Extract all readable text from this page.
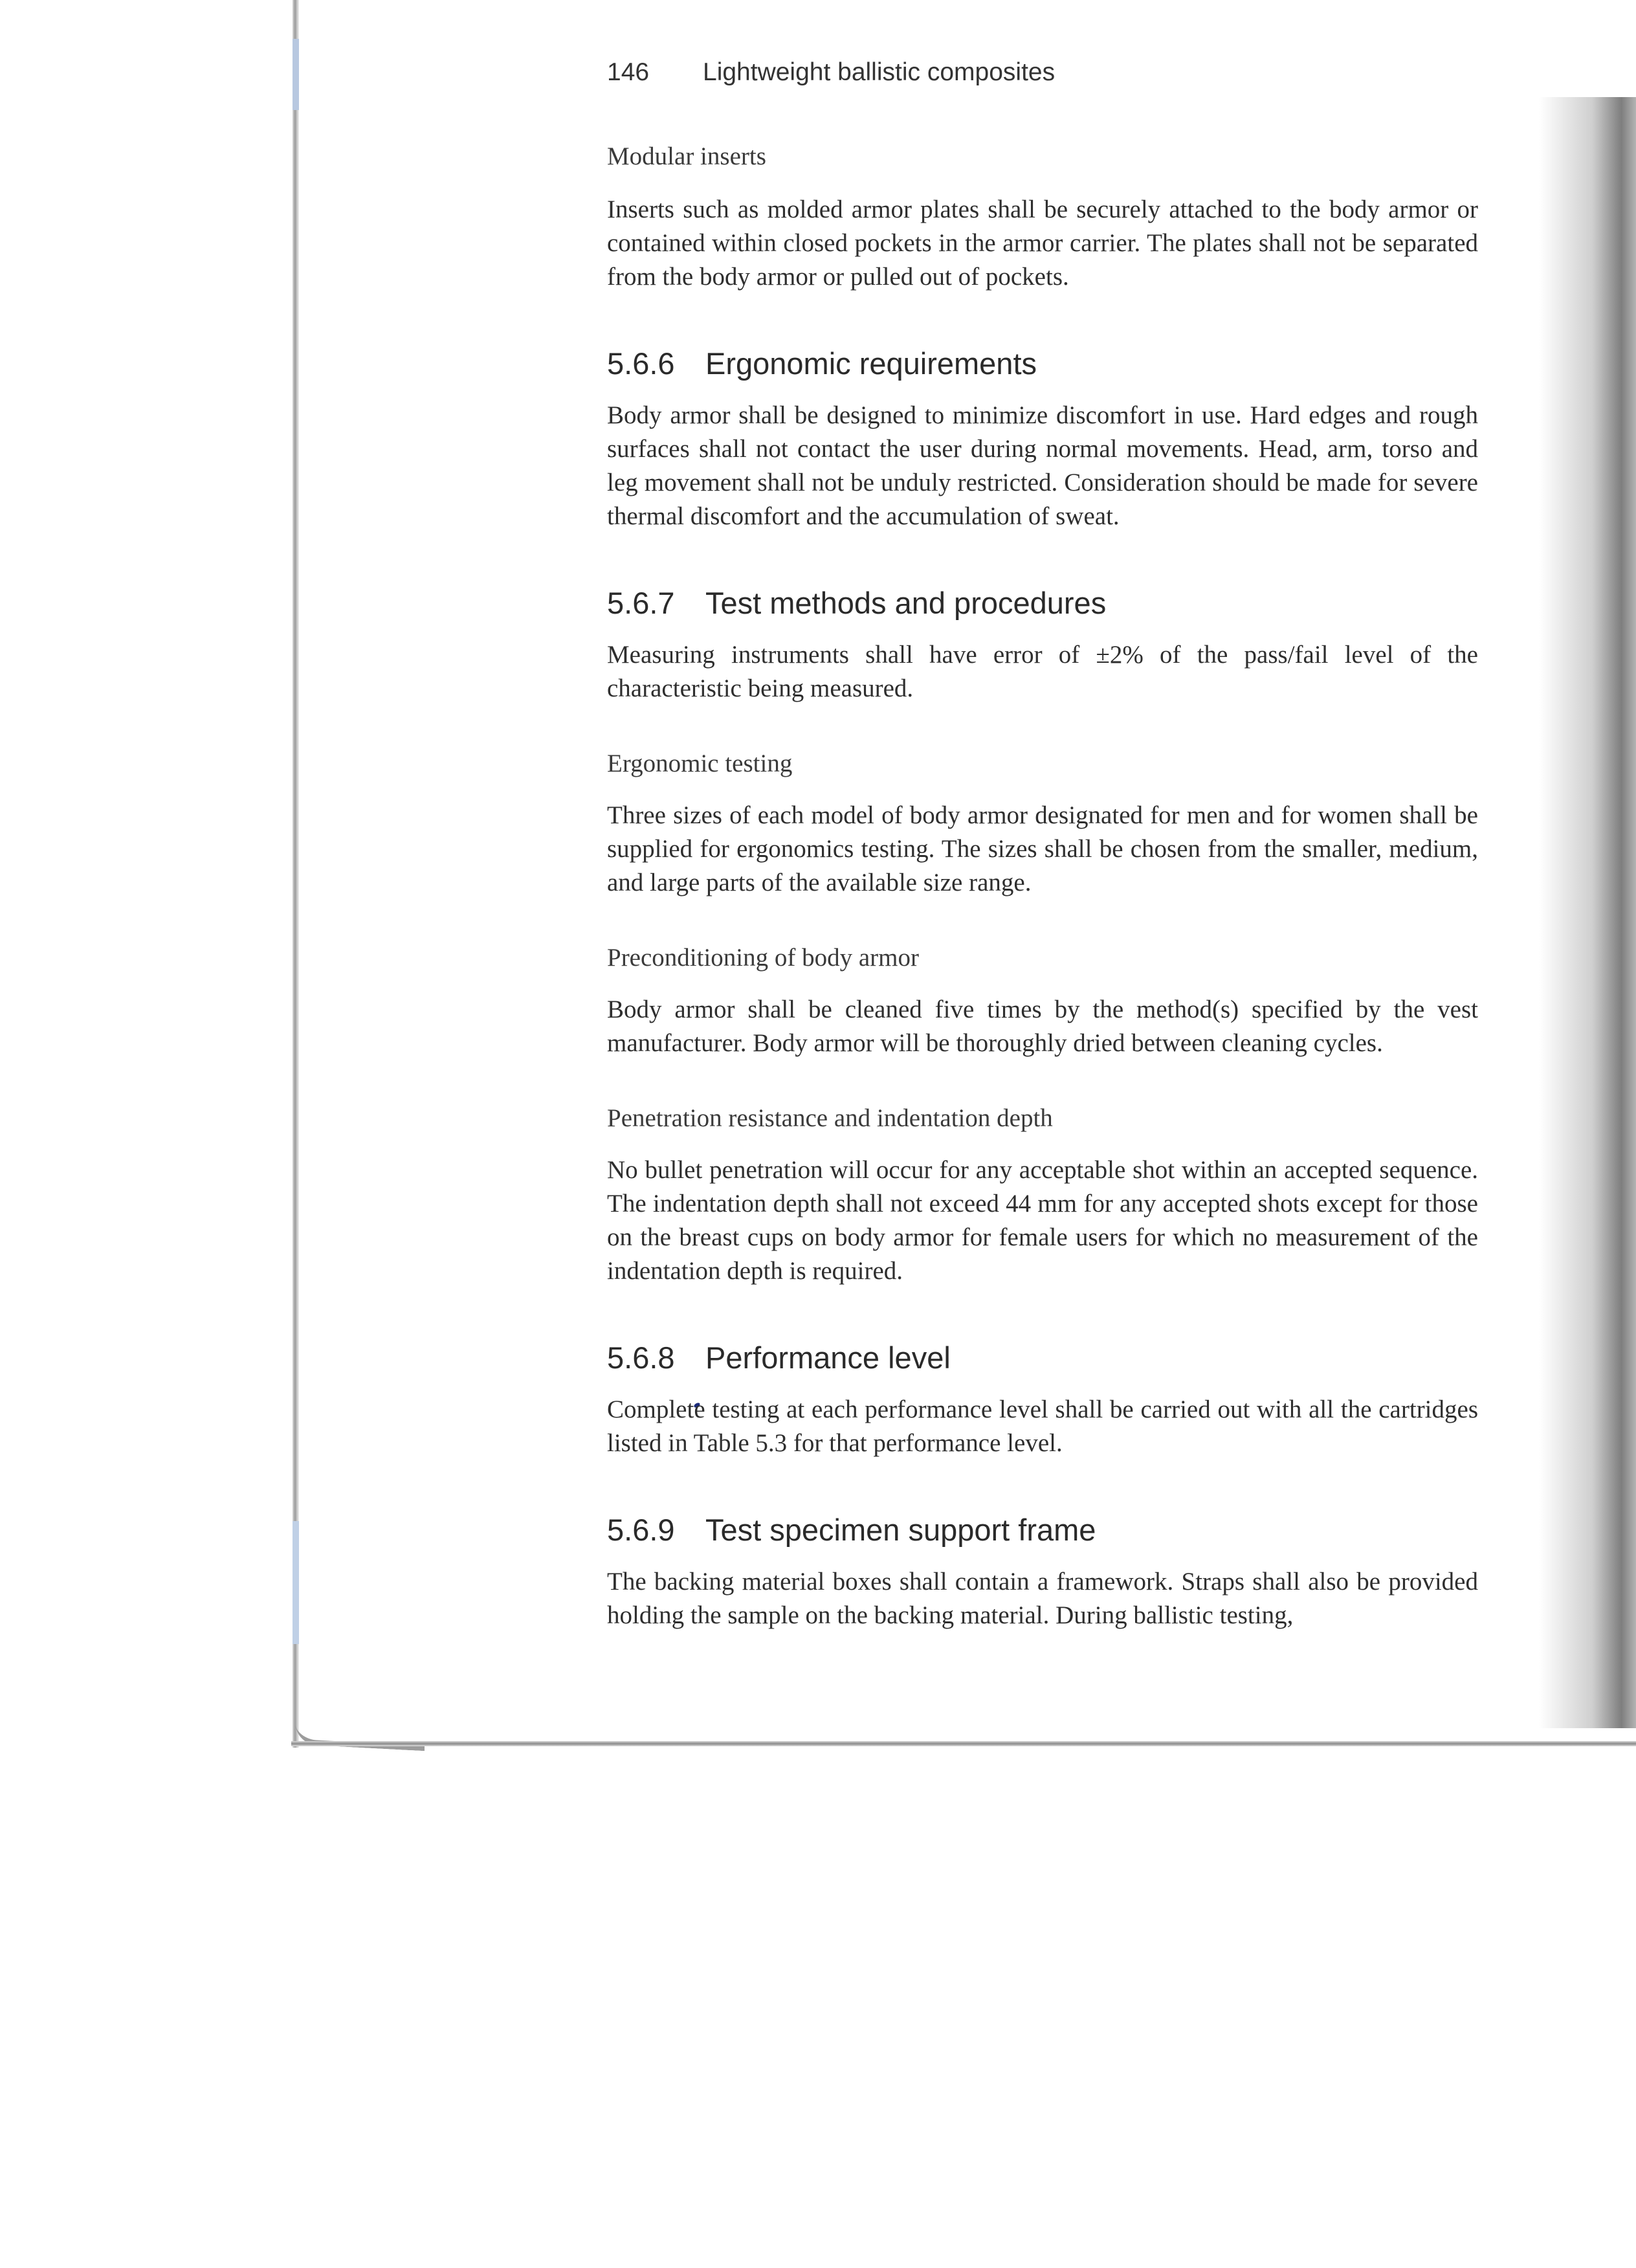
146 Lightweight ballistic composites
Modular inserts

Inserts such as molded armor plates shall be securely attached to the body armor or contained within closed pockets in the armor carrier. The plates shall not be separated from the body armor or pulled out of pockets.

5.6.6 Ergonomic requirements

Body armor shall be designed to minimize discomfort in use. Hard edges and rough surfaces shall not contact the user during normal movements. Head, arm, torso and leg movement shall not be unduly restricted. Consideration should be made for severe thermal discomfort and the accumulation of sweat.

5.6.7 Test methods and procedures

Measuring instruments shall have error of ±2% of the pass/fail level of the characteristic being measured.

Ergonomic testing

Three sizes of each model of body armor designated for men and for women shall be supplied for ergonomics testing. The sizes shall be chosen from the smaller, medium, and large parts of the available size range.

Preconditioning of body armor

Body armor shall be cleaned five times by the method(s) specified by the vest manufacturer. Body armor will be thoroughly dried between cleaning cycles.

Penetration resistance and indentation depth

No bullet penetration will occur for any acceptable shot within an accepted sequence. The indentation depth shall not exceed 44 mm for any accepted shots except for those on the breast cups on body armor for female users for which no measurement of the indentation depth is required.

5.6.8 Performance level

Complete testing at each performance level shall be carried out with all the cartridges listed in Table 5.3 for that performance level.

5.6.9 Test specimen support frame

The backing material boxes shall contain a framework. Straps shall also be provided holding the sample on the backing material. During ballistic testing,
